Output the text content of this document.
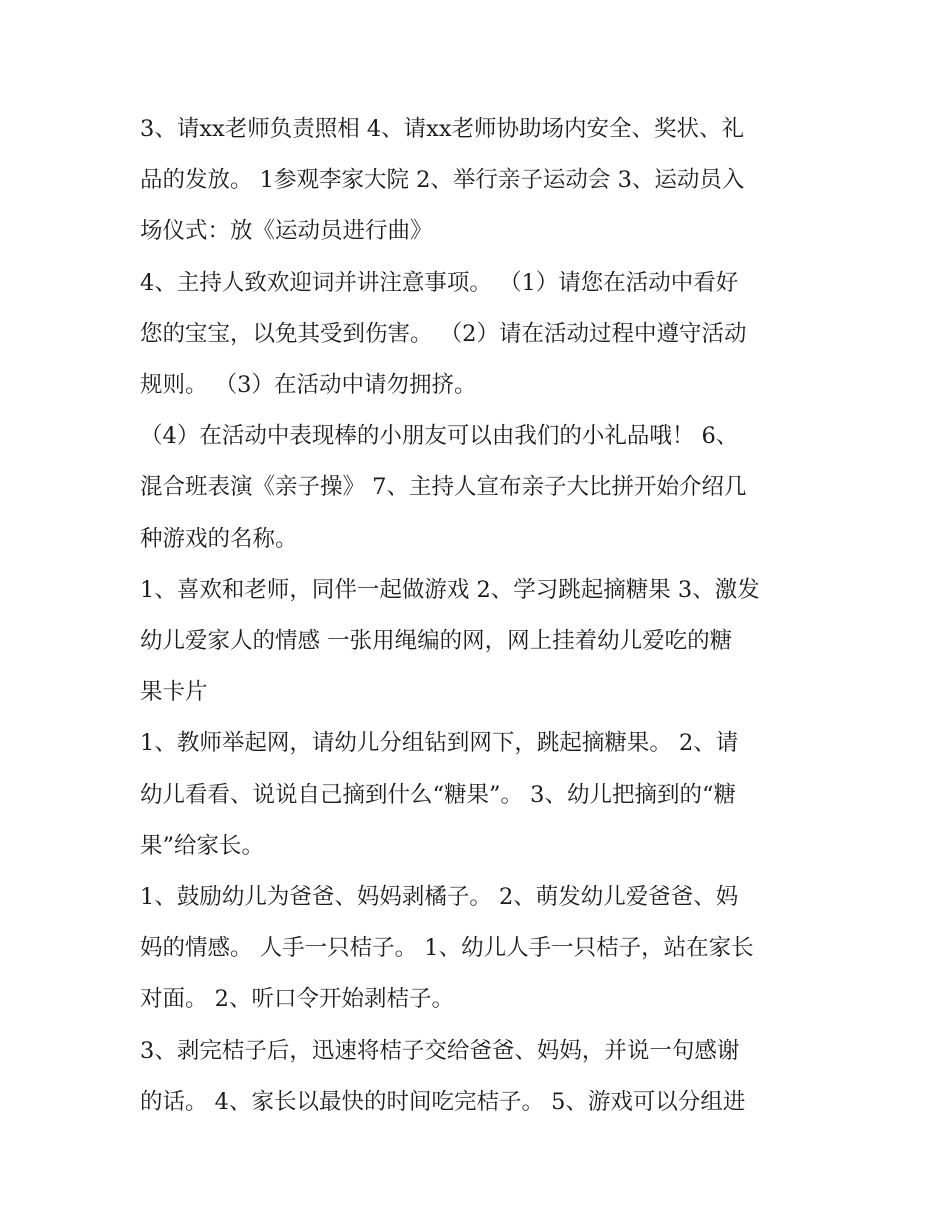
3、请xx老师负责照相 4、请xx老师协助场内安全、奖状、礼
品的发放。 1参观李家大院 2、举行亲子运动会 3、运动员入
场仪式：放《运动员进行曲》

4、主持人致欢迎词并讲注意事项。 （1）请您在活动中看好
您的宝宝，以免其受到伤害。 （2）请在活动过程中遵守活动
规则。 （3）在活动中请勿拥挤。

（4）在活动中表现棒的小朋友可以由我们的小礼品哦！ 6、
混合班表演《亲子操》 7、主持人宣布亲子大比拼开始介绍几
种游戏的名称。

1、喜欢和老师，同伴一起做游戏 2、学习跳起摘糖果 3、激发
幼儿爱家人的情感 一张用绳编的网，网上挂着幼儿爱吃的糖
果卡片

1、教师举起网，请幼儿分组钻到网下，跳起摘糖果。 2、请
幼儿看看、说说自己摘到什么“糖果”。 3、幼儿把摘到的“糖
果”给家长。

1、鼓励幼儿为爸爸、妈妈剥橘子。 2、萌发幼儿爱爸爸、妈
妈的情感。 人手一只桔子。 1、幼儿人手一只桔子，站在家长
对面。 2、听口令开始剥桔子。

3、剥完桔子后，迅速将桔子交给爸爸、妈妈，并说一句感谢
的话。 4、家长以最快的时间吃完桔子。 5、游戏可以分组进
